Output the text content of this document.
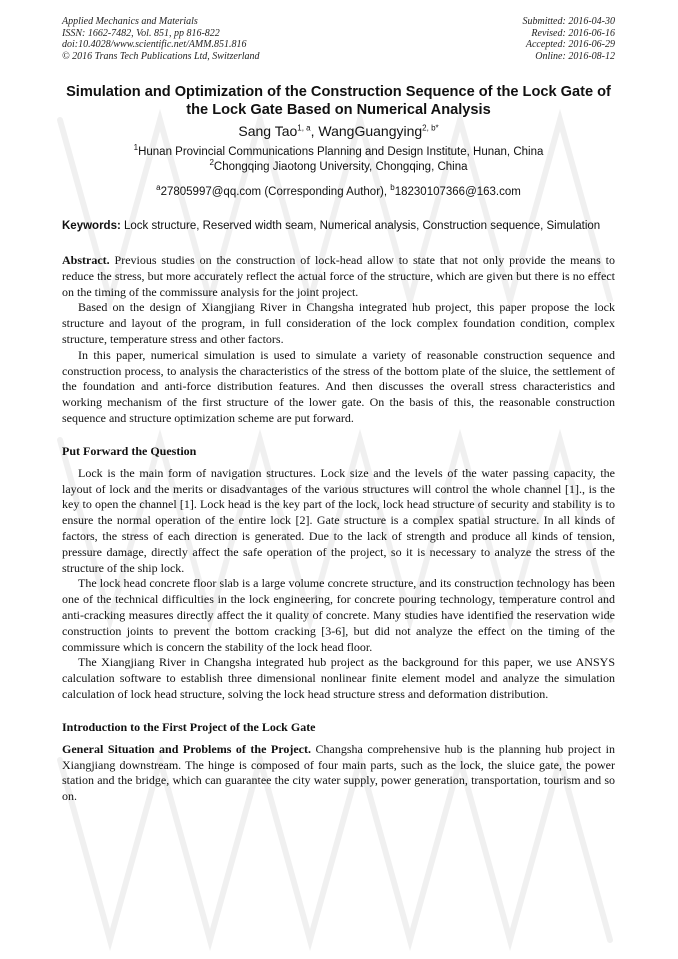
Applied Mechanics and Materials
ISSN: 1662-7482, Vol. 851, pp 816-822
doi:10.4028/www.scientific.net/AMM.851.816
© 2016 Trans Tech Publications Ltd, Switzerland
Submitted: 2016-04-30
Revised: 2016-06-16
Accepted: 2016-06-29
Online: 2016-08-12
Simulation and Optimization of the Construction Sequence of the Lock Gate of the Lock Gate Based on Numerical Analysis
Sang Tao$^{1, a}$, WangGuangying$^{2, b*}$
$^1$Hunan Provincial Communications Planning and Design Institute, Hunan, China
$^2$Chongqing Jiaotong University, Chongqing, China
$^a$27805997@qq.com (Corresponding Author), $^b$18230107366@163.com
Keywords: Lock structure, Reserved width seam, Numerical analysis, Construction sequence, Simulation

Abstract. Previous studies on the construction of lock-head allow to state that not only provide the means to reduce the stress, but more accurately reflect the actual force of the structure, which are given but there is no effect on the timing of the commissure analysis for the joint project.

Based on the design of Xiangjiang River in Changsha integrated hub project, this paper propose the lock structure and layout of the program, in full consideration of the lock complex foundation condition, complex structure, temperature stress and other factors.

In this paper, numerical simulation is used to simulate a variety of reasonable construction sequence and construction process, to analysis the characteristics of the stress of the bottom plate of the sluice, the settlement of the foundation and anti-force distribution features. And then discusses the overall stress characteristics and working mechanism of the first structure of the lower gate. On the basis of this, the reasonable construction sequence and structure optimization scheme are put forward.

Put Forward the Question

Lock is the main form of navigation structures. Lock size and the levels of the water passing capacity, the layout of lock and the merits or disadvantages of the various structures will control the whole channel [1]., is the key to open the channel [1]. Lock head is the key part of the lock, lock head structure of security and stability is to ensure the normal operation of the entire lock [2]. Gate structure is a complex spatial structure. In all kinds of factors, the stress of each direction is generated. Due to the lack of strength and produce all kinds of tension, pressure damage, directly affect the safe operation of the project, so it is necessary to analyze the stress of the structure of the ship lock.

The lock head concrete floor slab is a large volume concrete structure, and its construction technology has been one of the technical difficulties in the lock engineering, for concrete pouring technology, temperature control and anti-cracking measures directly affect the it quality of concrete. Many studies have identified the reservation wide construction joints to prevent the bottom cracking [3-6], but did not analyze the effect on the timing of the commissure which is concern the stability of the lock head floor.

The Xiangjiang River in Changsha integrated hub project as the background for this paper, we use ANSYS calculation software to establish three dimensional nonlinear finite element model and analyze the simulation calculation of lock head structure, solving the lock head structure stress and deformation distribution.

Introduction to the First Project of the Lock Gate

General Situation and Problems of the Project. Changsha comprehensive hub is the planning hub project in Xiangjiang downstream. The hinge is composed of four main parts, such as the lock, the sluice gate, the power station and the bridge, which can guarantee the city water supply, power generation, transportation, tourism and so on.
